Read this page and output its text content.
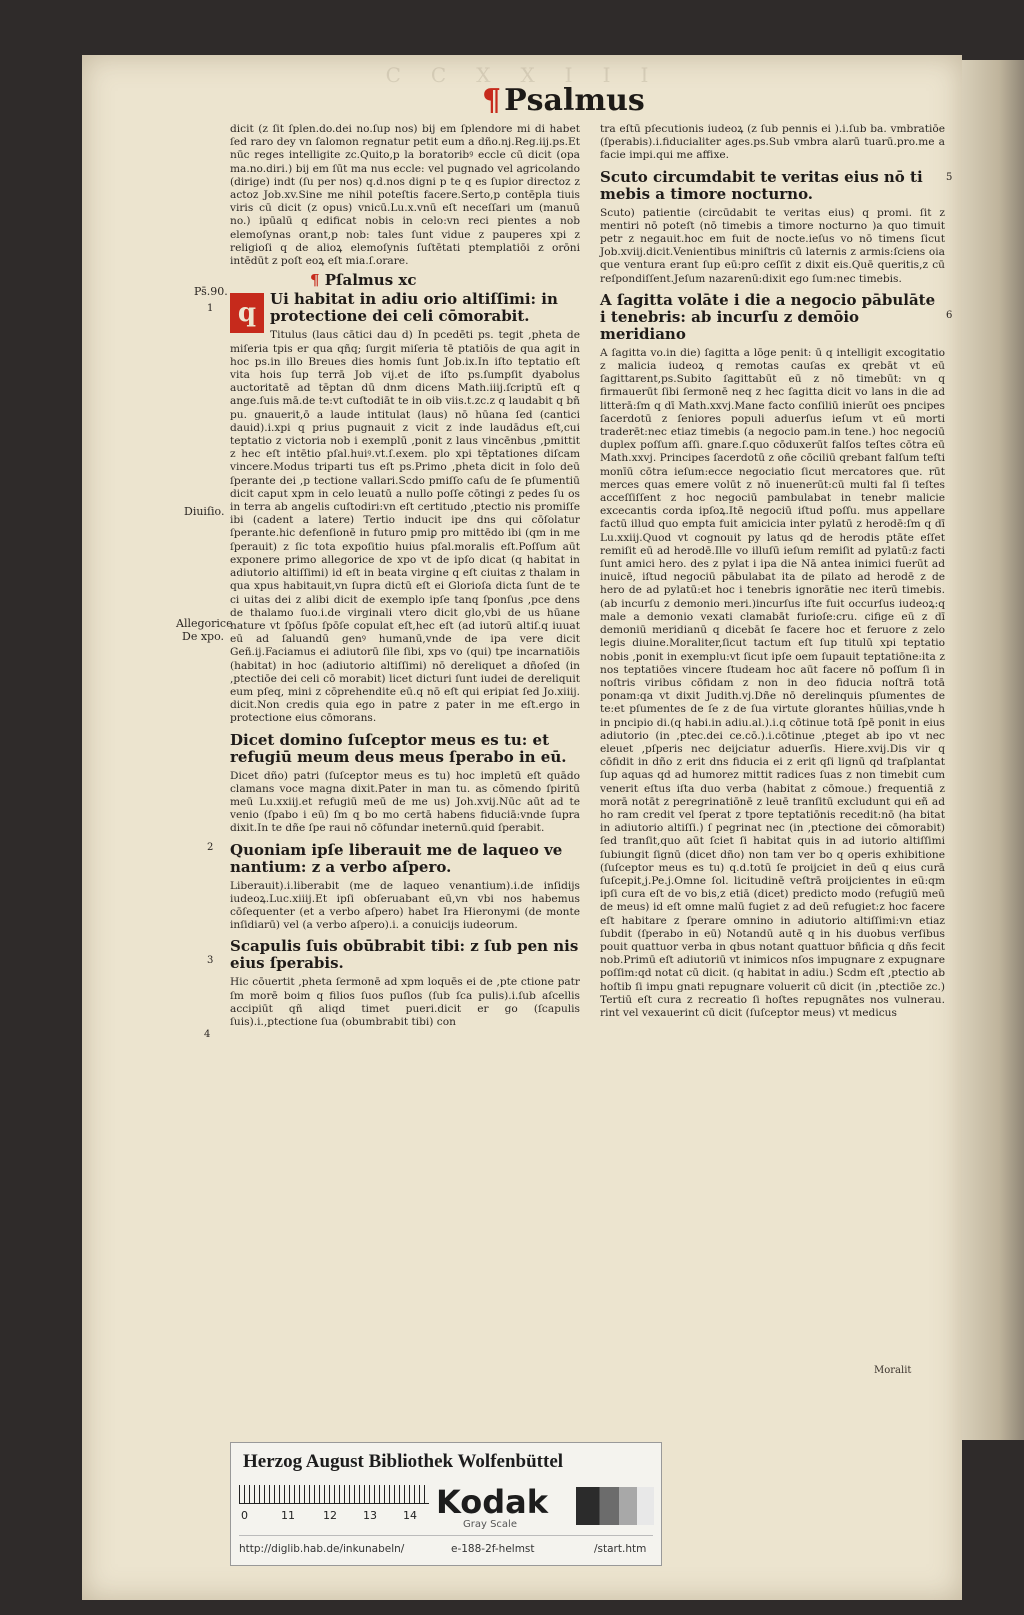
CCXXIII
¶ Psalmus
Ps̄.90.
Diuiſio.
Allegorice
De xpo.
1
2
3
4
5
6

dicit (z ſit ſplen.do.dei no.ſup nos) bij em ſplendore mi di habet ſed raro dey vn ſalomon regnatur petit eum a dño.nj.Reg.iij.ps.Et nūc reges intelligite zc.Quito,p la boratoribꝰ eccle cū dicit (opa ma.no.diri.) bij em ſūt ma nus eccle: vel pugnado vel agricolando (dirige) indt (ſu per nos) q.d.nos digni p te q es ſupior directoz z actoz Job.xv.Sine me nihil poteſtis facere.Serto,p contēpla tiuis viris cū dicit (z opus) vnicū.Lu.x.vnū eſt neceſſari um (manuū no.) ipūalū q edificat nobis in celo:vn reci pientes a nob elemoſynas orant,p nob: tales ſunt vidue z pauperes xpi z religioſi q de alioꝝ elemoſynis ſuſtētati ptemplatiōi z orōni intēdūt z poſt eoꝝ eſt mia.ſ.orare.

¶ Pſalmus xc
q Ui habitat in adiu orio altiſſimi: in protectione dei celi cōmorabit.

Titulus (laus cātici dau d) In pcedēti ps. tegit ,pheta de miſeria tpis er qua qñq; ſurgit miſeria tē ptatiōis de qua agit in hoc ps.in illo Breues dies homis ſunt Job.ix.In iſto teptatio eſt vita hois ſup terrā Job vij.et de iſto ps.ſumpſit dyabolus auctoritatē ad tēptan dū dnm dicens Math.iiij.ſcriptū eſt q ange.ſuis mā.de te:vt cuſtodiāt te in oib viis.t.zc.z q laudabit q bñ pu. gnauerit,ō a laude intitulat (laus) nō hūana ſed (cantici dauid).i.xpi q prius pugnauit z vicit z inde laudādus eſt,cui teptatio z victoria nob i exemplū ,ponit z laus vincēnbus ,pmittit z hec eſt intētio pſal.huiꝰ.vt.ſ.exem. plo xpi tēptationes diſcam vincere.Modus triparti tus eſt ps.Primo ,pheta dicit in ſolo deū ſperante dei ,p tectione vallari.Scdo pmiſſo caſu de ſe pſumentiū dicit caput xpm in celo leuatū a nullo poſſe cōtingi z pedes ſu os in terra ab angelis cuſtodiri:vn eſt certitudo ,ptectio nis promiſſe ibi (cadent a latere) Tertio inducit ipe dns qui cōſolatur ſperante.hic defenſionē in futuro pmiꝑ pro mittēdo ibi (qm in me ſperauit) z ſic tota expoſitio huius pſal.moralis eſt.Poſſum aūt exponere primo allegorice de xpo vt de ipſo dicat (q habitat in adiutorio altiſſimi) id eſt in beata virgine q eſt ciuitas z thalam in qua xpus habitauit,vn ſupra dictū eſt ei Glorioſa dicta ſunt de te ci uitas dei z alibi dicit de exemplo ipſe tanq ſponſus ,pce dens de thalamo ſuo.i.de virginali vtero dicit glo,vbi de us hūane nature vt ſpōſus ſpōſe copulat eſt,hec eſt (ad iutorū altiſ.q iuuat eū ad ſaluandū genꝰ humanū,vnde de ipa vere dicit Geñ.ij.Faciamus ei adiutorū ſile ſibi, xps vo (qui) tpe incarnatiōis (habitat) in hoc (adiutorio altiſſimi) nō dereliquet a dñoſed (in ,ptectiōe dei celi cō morabit) licet dicturi ſunt iudei de dereliquit eum pſeq, mini z cōprehendite eū.q nō eſt qui eripiat ſed Jo.xiiij. dicit.Non credis quia ego in patre z pater in me eſt.ergo in protectione eius cōmorans.

Dicet domino ſuſceptor meus es tu: et refugiū meum deus meus ſperabo in eū.

Dicet dño) patri (ſuſceptor meus es tu) hoc impletū eſt quādo clamans voce magna dixit.Pater in man tu. as cōmendo ſpiritū meū Lu.xxiij.et refugiū meū de me us) Joh.xvij.Nūc aūt ad te venio (ſpabo i eū) ſm q bo mo certā habens fiduciā:vnde ſupra dixit.In te dñe ſpe raui nō cōfundar ineternū.quid ſperabit.

Quoniam ipſe liberauit me de laqueo ve nantium: z a verbo aſpero.

Liberauit).i.liberabit (me de laqueo venantium).i.de inſidijs iudeoꝝ.Luc.xiiij.Et ipſi obſeruabant eū,vn vbi nos habemus cōſequenter (et a verbo aſpero) habet Ira Hieronymi (de monte inſidiarū) vel (a verbo aſpero).i. a conuicijs iudeorum.

Scapulis ſuis obūbrabit tibi: z ſub pen nis eius ſperabis.

Hic cōuertit ,pheta ſermonē ad xpm loquēs ei de ,pte ctione patr ſm morē boim q filios ſuos puſlos (ſub ſca pulis).i.ſub aſcellis accipiūt qñ aliqd timet pueri.dicit er go (ſcapulis ſuis).i.,ptectione ſua (obumbrabit tibi) con

tra eſtū pſecutionis iudeoꝝ (z ſub pennis ei ).i.ſub ba. vmbratiōe (ſperabis).i.fiducialiter ages.ps.Sub vmbra alarū tuarū.pro.me a facie impi.qui me affixe.

Scuto circumdabit te veritas eius nō ti mebis a timore nocturno.

Scuto) patientie (circūdabit te veritas eius) q promi. ſit z mentiri nō poteſt (nō timebis a timore nocturno )a quo timuit petr z negauit.hoc em fuit de nocte.ieſus vo nō timens ſicut Job.xviij.dicit.Venientibus miniſtris cū laternis z armis:ſciens oia que ventura erant ſup eū:pro ceſſit z dixit eis.Quē queritis,z cū reſpondiſſent.Jeſum nazarenū:dixit ego ſum:nec timebis.

A ſagitta volāte i die a negocio pābulāte i tenebris: ab incurſu z demōio meridiano

A ſagitta vo.in die) ſagitta a lōge penit: ū q intelligit excogitatio z malicia iudeoꝝ q remotas cauſas ex qrebāt vt eū ſagittarent,ps.Subito ſagittabūt eū z nō timebūt: vn q firmauerūt ſibi ſermonē neq z hec ſagitta dicit vo lans in die ad litterā:ſm q dī Math.xxvj.Mane facto conſiliū inierūt oes pncipes ſacerdotū z ſeniores populi aduerſus ieſum vt eū morti traderēt:nec etiaz timebis (a negocio pam.in tene.) hoc negociū duplex poſſum aſſi. gnare.ſ.quo cōduxerūt falſos teſtes cōtra eū Math.xxvj. Principes ſacerdotū z oñe cōciliū qrebant falſum teſti monīū cōtra ieſum:ecce negociatio ſicut mercatores que. rūt merces quas emere volūt z nō inuenerūt:cū multi fal ſi teſtes acceſſiſſent z hoc negociū pambulabat in tenebr malicie excecantis corda ipſoꝝ.Itē negociū iſtud poſſu. mus appellare factū illud quo empta fuit amicicia inter pylatū z herodē:ſm q dī Lu.xxiij.Quod vt cognouit py latus qd de herodis ptāte eſſet remiſit eū ad herodē.Ille vo illuſū ieſum remiſit ad pylatū:z facti ſunt amici hero. des z pylat i ipa die Nā antea inimici fuerūt ad inuicē, iſtud negociū pābulabat ita de pilato ad herodē z de hero de ad pylatū:et hoc i tenebris ignorātie nec iterū timebis. (ab incurſu z demonio meri.)incurſus iſte fuit occurſus iudeoꝝ:q male a demonio vexati clamabāt furioſe:cru. cifige eū z dī demoniū meridianū q dicebāt ſe facere hoc et feruore z zelo legis diuine.Moraliter,ſicut tactum eſt ſup titulū xpi teptatio nobis ,ponit in exemplu:vt ſicut ipſe oem ſupauit teptatiōne:ita z nos teptatiōes vincere ſtudeam hoc aūt facere nō poſſum ſi in noſtris viribus cōfidam z non in deo fiducia noſtrā totā ponam:qa vt dixit Judith.vj.Dñe nō derelinquis pſumentes de te:et pſumentes de ſe z de ſua virtute glorantes hūilias,vnde h in pncipio di.(q habi.in adiu.al.).i.q cōtinue totā ſpē ponit in eius adiutorio (in ,ptec.dei ce.cō.).i.cōtinue ,pteget ab ipo vt nec eleuet ,pſperis nec deijciatur aduerſis. Hiere.xvij.Dis vir q cōfidit in dño z erit dns fiducia ei z erit qſi lignū qd traſplantat ſup aquas qd ad humorez mittit radices ſuas z non timebit cum venerit eſtus iſta duo verba (habitat z cōmoue.) frequentiā z morā notāt z peregrinatiōnē z leuē tranſitū excludunt qui eñ ad ho ram credit vel ſperat z tpore teptatiōnis recedit:nō (ha bitat in adiutorio altiſſi.) ſ pegrinat nec (in ,ptectione dei cōmorabit) ſed tranſit,quo aūt ſciet ſi habitat quis in ad iutorio altiſſimi ſubiungit ſignū (dicet dño) non tam ver bo q operis exhibitione (ſuſceptor meus es tu) q.d.totū ſe proijciet in deū q eius curā ſuſcepit,j.Pe.j.Omne ſol. licitudinē veſtrā proijcientes in eū:qm ipſi cura eſt de vo bis,z etiā (dicet) predicto modo (refugiū meū de meus) id eſt omne malū fugiet z ad deū refugiet:z hoc facere eſt habitare z ſperare omnino in adiutorio altiſſimi:vn etiaz ſubdit (ſperabo in eū) Notandū autē q in his duobus verſibus pouit quattuor verba in qbus notant quattuor bñficia q dñs fecit nob.Primū eſt adiutoriū vt inimicos nſos impugnare z expugnare poſſim:qd notat cū dicit. (q habitat in adiu.) Scdm eſt ,ptectio ab hoſtib ſi impu gnati repugnare voluerit cū dicit (in ,ptectiōe zc.) Tertiū eſt cura z recreatio ſi hoſtes repugnātes nos vulnerau. rint vel vexauerint cū dicit (ſuſceptor meus) vt medicus

Moralit
Herzog August Bibliothek Wolfenbüttel
0	11	12 13 14 Kodak
Gray Scale
http://diglib.hab.de/inkunabeln/	e-188-2f-helmst	/start.htm
